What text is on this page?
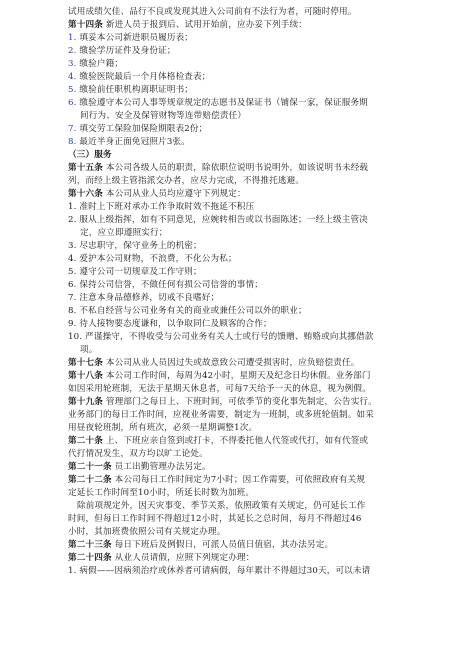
试用成绩欠佳、品行不良或发现其进入公司前有不法行为者，可随时停用。
第十四条 新进人员于报到后、试用开始前，应办妥下列手续：
1. 填妥本公司新进职员履历表；
2. 缴验学历证件及身份证；
3. 缴验户籍；
4. 缴验医院最后一个月体格检查表；
5. 缴验前任职机构离职证明书；
6. 缴验遵守本公司人事等规章规定的志愿书及保证书（铺保一家，保证服务期
间行为、安全及保管财物等连带赔偿责任）
7. 填交劳工保险加保险期限表2份；
8. 最近半身正面免冠照片3张。
（三）服务
第十五条 本公司各级人员的职责，除依职位说明书说明外，如该说明书未经载
列，而经上级主管指派交办者，应尽力完成，不得推托逃避。
第十六条 本公司从业人员均应遵守下列规定：
1. 准时上下班对承办工作争取时效不拖延不积压
2. 服从上级指挥，如有不同意见，应婉转相告或以书面陈述；一经上级主管决
定，应立即遵照实行；
3. 尽忠职守，保守业务上的机密；
4. 爱护本公司财物，不浪费，不化公为私；
5. 遵守公司一切规章及工作守则；
6. 保持公司信誉，不做任何有损公司信誉的事情；
7. 注意本身品德修养，切戒不良嗜好；
8. 不私自经营与公司业务有关的商业或兼任公司以外的职业；
9. 待人接物要态度谦和，以争取同仁及顾客的合作；
10. 严谨操守，不得收受与公司业务有关人士或行号的馈赠、贿赂或向其挪借款
项。
第十七条 本公司从业人员因过失或故意致公司遭受损害时，应负赔偿责任。
第十八条 本公司工作时间，每周为42小时，星期天及纪念日均休假。业务部门
如因采用轮班制，无法于星期天休息者，可每7天给予一天的休息，视为例假。
第十九条 管理部门之每日上、下班时间，可依季节的变化事先制定，公告实行。
业务部门的每日工作时间，应视业务需要，制定为一班制，或多班轮值制。如采
用昼夜轮班制，所有班次，必须一星期调整1次。
第二十条 上、下班应亲自签到或打卡，不得委托他人代签或代打，如有代签或
代打情况发生，双方均以旷工论处。
第二十一条 员工出勤管理办法另定。
第二十二条 本公司每日工作时间定为7小时；因工作需要，可依照政府有关规
定延长工作时间至10小时，所延长时数为加班。
除前项规定外，因天灾事变、季节关系，依照政策有关规定，仍可延长工作
时间，但每日工作时间不得超过12小时，其延长之总时间，每月不得超过46
小时，其加班费依照公司有关规定办理。
第二十三条 每日下班后及例假日，可派人员值日值宿，其办法另定。
第二十四条 从业人员请假，应照下列规定办理：
1. 病假——因病须治疗或休养者可请病假，每年累计不得超过30天，可以未请
